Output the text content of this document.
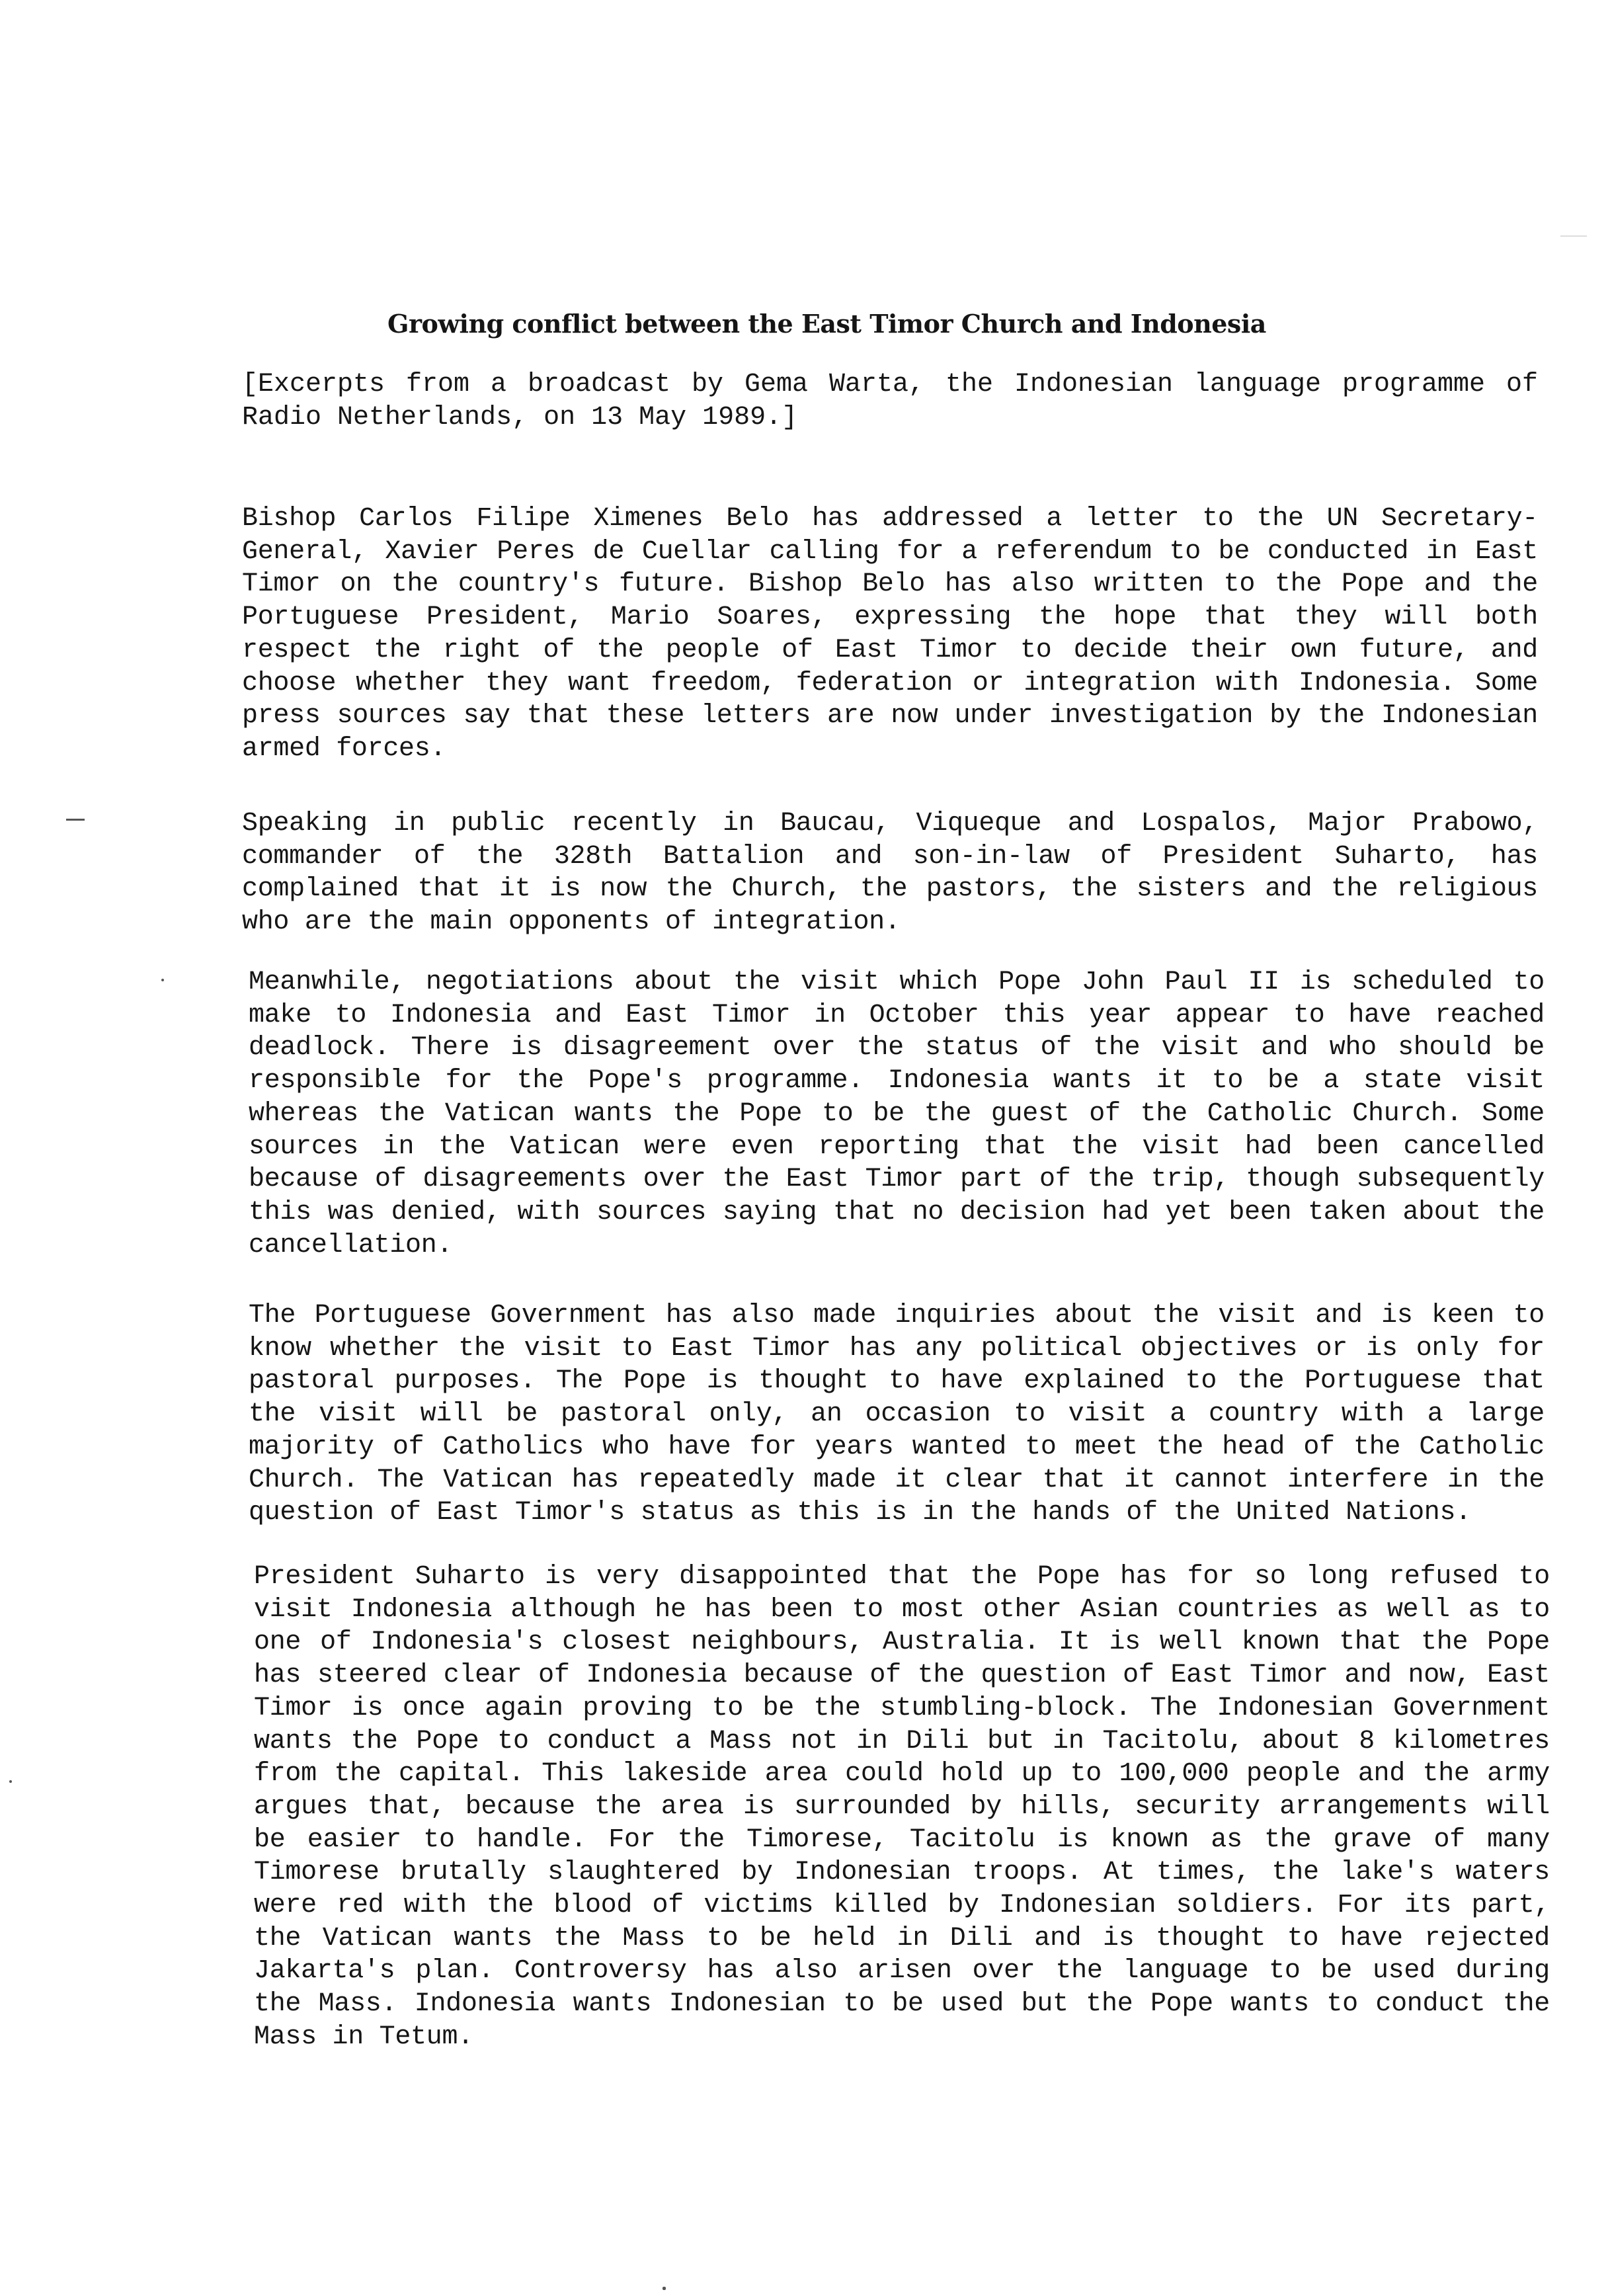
Growing conflict between the East Timor Church and Indonesia

[Excerpts from a broadcast by Gema Warta, the Indonesian language programme of Radio Netherlands, on 13 May 1989.]

Bishop Carlos Filipe Ximenes Belo has addressed a letter to the UN Secretary-General, Xavier Peres de Cuellar calling for a referendum to be conducted in East Timor on the country's future. Bishop Belo has also written to the Pope and the Portuguese President, Mario Soares, expressing the hope that they will both respect the right of the people of East Timor to decide their own future, and choose whether they want freedom, federation or integration with Indonesia. Some press sources say that these letters are now under investigation by the Indonesian armed forces.

Speaking in public recently in Baucau, Viqueque and Lospalos, Major Prabowo, commander of the 328th Battalion and son-in-law of President Suharto, has complained that it is now the Church, the pastors, the sisters and the religious who are the main opponents of integration.

Meanwhile, negotiations about the visit which Pope John Paul II is scheduled to make to Indonesia and East Timor in October this year appear to have reached deadlock. There is disagreement over the status of the visit and who should be responsible for the Pope's programme. Indonesia wants it to be a state visit whereas the Vatican wants the Pope to be the guest of the Catholic Church. Some sources in the Vatican were even reporting that the visit had been cancelled because of disagreements over the East Timor part of the trip, though subsequently this was denied, with sources saying that no decision had yet been taken about the cancellation.

The Portuguese Government has also made inquiries about the visit and is keen to know whether the visit to East Timor has any political objectives or is only for pastoral purposes. The Pope is thought to have explained to the Portuguese that the visit will be pastoral only, an occasion to visit a country with a large majority of Catholics who have for years wanted to meet the head of the Catholic Church. The Vatican has repeatedly made it clear that it cannot interfere in the question of East Timor's status as this is in the hands of the United Nations.

President Suharto is very disappointed that the Pope has for so long refused to visit Indonesia although he has been to most other Asian countries as well as to one of Indonesia's closest neighbours, Australia. It is well known that the Pope has steered clear of Indonesia because of the question of East Timor and now, East Timor is once again proving to be the stumbling-block. The Indonesian Government wants the Pope to conduct a Mass not in Dili but in Tacitolu, about 8 kilometres from the capital. This lakeside area could hold up to 100,000 people and the army argues that, because the area is surrounded by hills, security arrangements will be easier to handle. For the Timorese, Tacitolu is known as the grave of many Timorese brutally slaughtered by Indonesian troops. At times, the lake's waters were red with the blood of victims killed by Indonesian soldiers. For its part, the Vatican wants the Mass to be held in Dili and is thought to have rejected Jakarta's plan. Controversy has also arisen over the language to be used during the Mass. Indonesia wants Indonesian to be used but the Pope wants to conduct the Mass in Tetum.
